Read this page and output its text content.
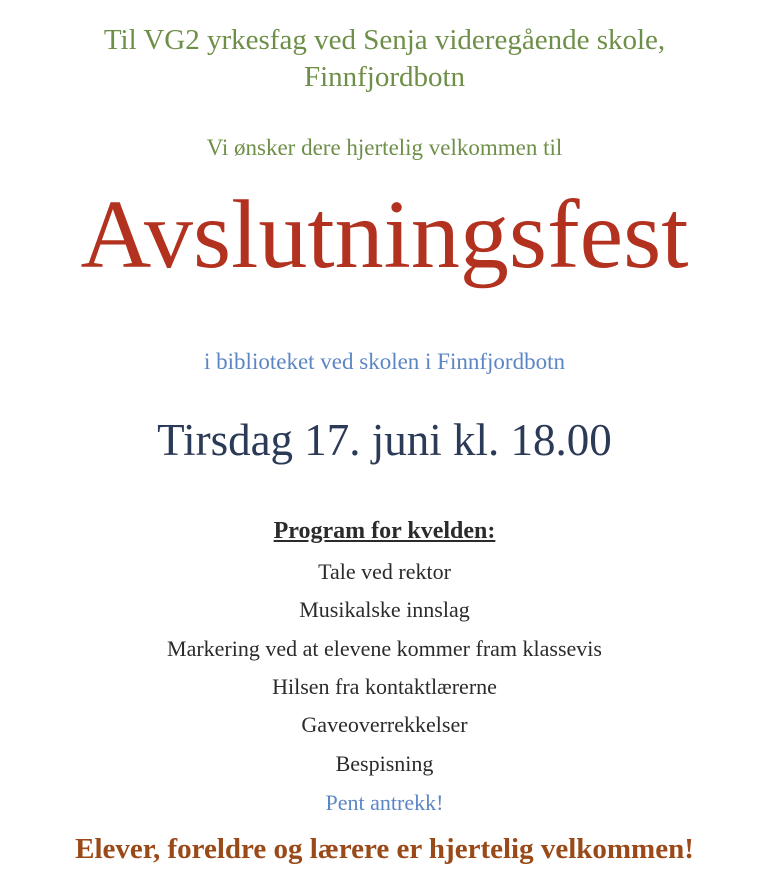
Til VG2 yrkesfag ved Senja videregående skole,

Finnfjordbotn

Vi ønsker dere hjertelig velkommen til

Avslutningsfest

i biblioteket ved skolen i Finnfjordbotn

Tirsdag 17. juni kl. 18.00

Program for kvelden:

Tale ved rektor

Musikalske innslag

Markering ved at elevene kommer fram klassevis

Hilsen fra kontaktlærerne

Gaveoverrekkelser

Bespisning

Pent antrekk!

Elever, foreldre og lærere er hjertelig velkommen!
